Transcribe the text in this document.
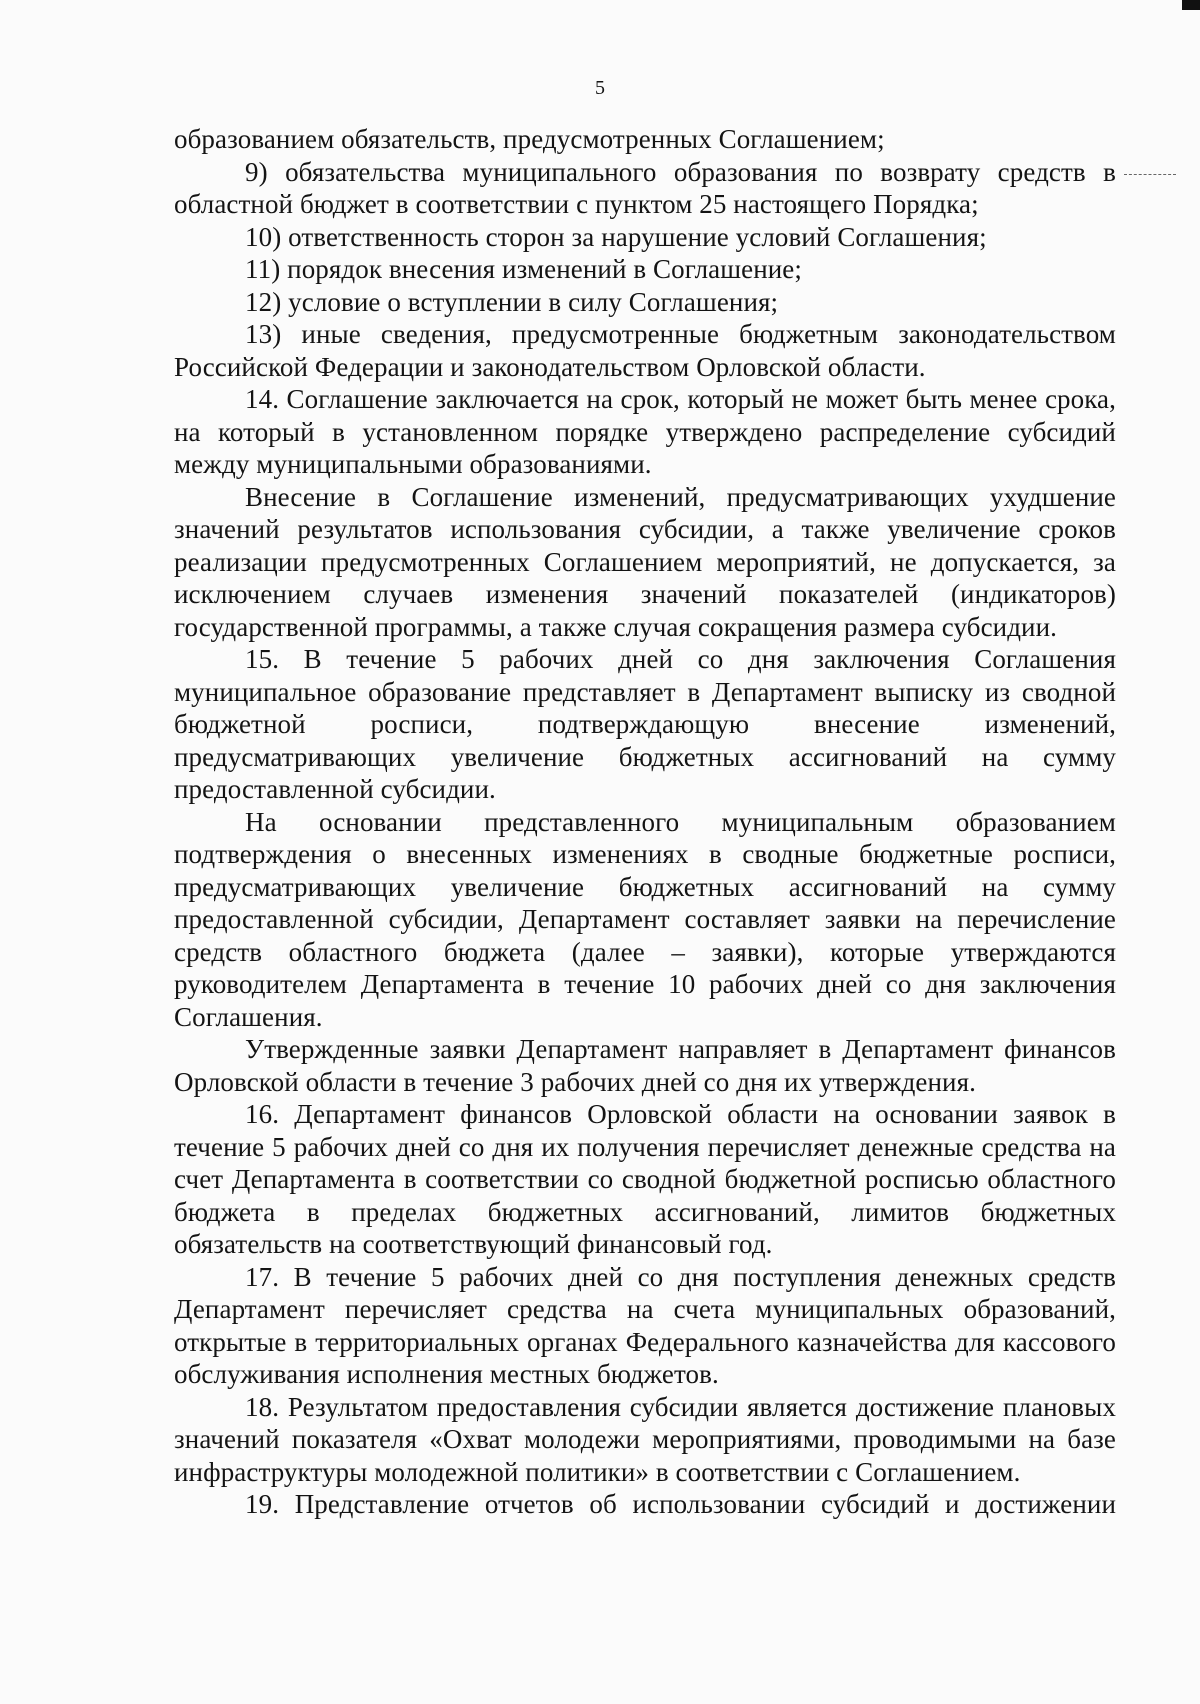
5

образованием обязательств, предусмотренных Соглашением;

9) обязательства муниципального образования по возврату средств в областной бюджет в соответствии с пунктом 25 настоящего Порядка;

10) ответственность сторон за нарушение условий Соглашения;

11) порядок внесения изменений в Соглашение;

12) условие о вступлении в силу Соглашения;

13) иные сведения, предусмотренные бюджетным законодательством Российской Федерации и законодательством Орловской области.

14. Соглашение заключается на срок, который не может быть менее срока, на который в установленном порядке утверждено распределение субсидий между муниципальными образованиями.

Внесение в Соглашение изменений, предусматривающих ухудшение значений результатов использования субсидии, а также увеличение сроков реализации предусмотренных Соглашением мероприятий, не допускается, за исключением случаев изменения значений показателей (индикаторов) государственной программы, а также случая сокращения размера субсидии.

15. В течение 5 рабочих дней со дня заключения Соглашения муниципальное образование представляет в Департамент выписку из сводной бюджетной росписи, подтверждающую внесение изменений, предусматривающих увеличение бюджетных ассигнований на сумму предоставленной субсидии.

На основании представленного муниципальным образованием подтверждения о внесенных изменениях в сводные бюджетные росписи, предусматривающих увеличение бюджетных ассигнований на сумму предоставленной субсидии, Департамент составляет заявки на перечисление средств областного бюджета (далее – заявки), которые утверждаются руководителем Департамента в течение 10 рабочих дней со дня заключения Соглашения.

Утвержденные заявки Департамент направляет в Департамент финансов Орловской области в течение 3 рабочих дней со дня их утверждения.

16. Департамент финансов Орловской области на основании заявок в течение 5 рабочих дней со дня их получения перечисляет денежные средства на счет Департамента в соответствии со сводной бюджетной росписью областного бюджета в пределах бюджетных ассигнований, лимитов бюджетных обязательств на соответствующий финансовый год.

17. В течение 5 рабочих дней со дня поступления денежных средств Департамент перечисляет средства на счета муниципальных образований, открытые в территориальных органах Федерального казначейства для кассового обслуживания исполнения местных бюджетов.

18. Результатом предоставления субсидии является достижение плановых значений показателя «Охват молодежи мероприятиями, проводимыми на базе инфраструктуры молодежной политики» в соответствии с Соглашением.

19. Представление отчетов об использовании субсидий и достижении
